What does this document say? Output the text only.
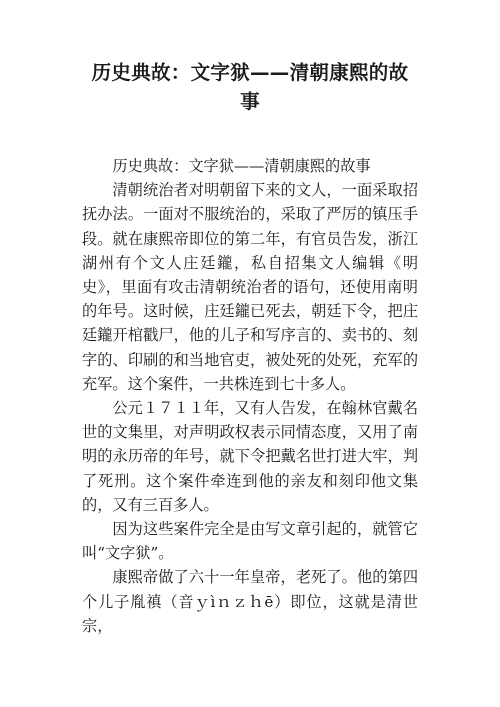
历史典故：文字狱——清朝康熙的故事

历史典故：文字狱——清朝康熙的故事

清朝统治者对明朝留下来的文人，一面采取招抚办法。一面对不服统治的，采取了严厉的镇压手段。就在康熙帝即位的第二年，有官员告发，浙江湖州有个文人庄廷鑨，私自招集文人编辑《明史》，里面有攻击清朝统治者的语句，还使用南明的年号。这时候，庄廷鑨已死去，朝廷下令，把庄廷鑨开棺戳尸，他的儿子和写序言的、卖书的、刻字的、印刷的和当地官吏，被处死的处死，充军的充军。这个案件，一共株连到七十多人。

公元１７１１年，又有人告发，在翰林官戴名世的文集里，对声明政权表示同情态度，又用了南明的永历帝的年号，就下令把戴名世打进大牢，判了死刑。这个案件牵连到他的亲友和刻印他文集的，又有三百多人。

因为这些案件完全是由写文章引起的，就管它叫“文字狱”。

康熙帝做了六十一年皇帝，老死了。他的第四个儿子胤禛（音ｙìｎｚｈē）即位，这就是清世宗，
